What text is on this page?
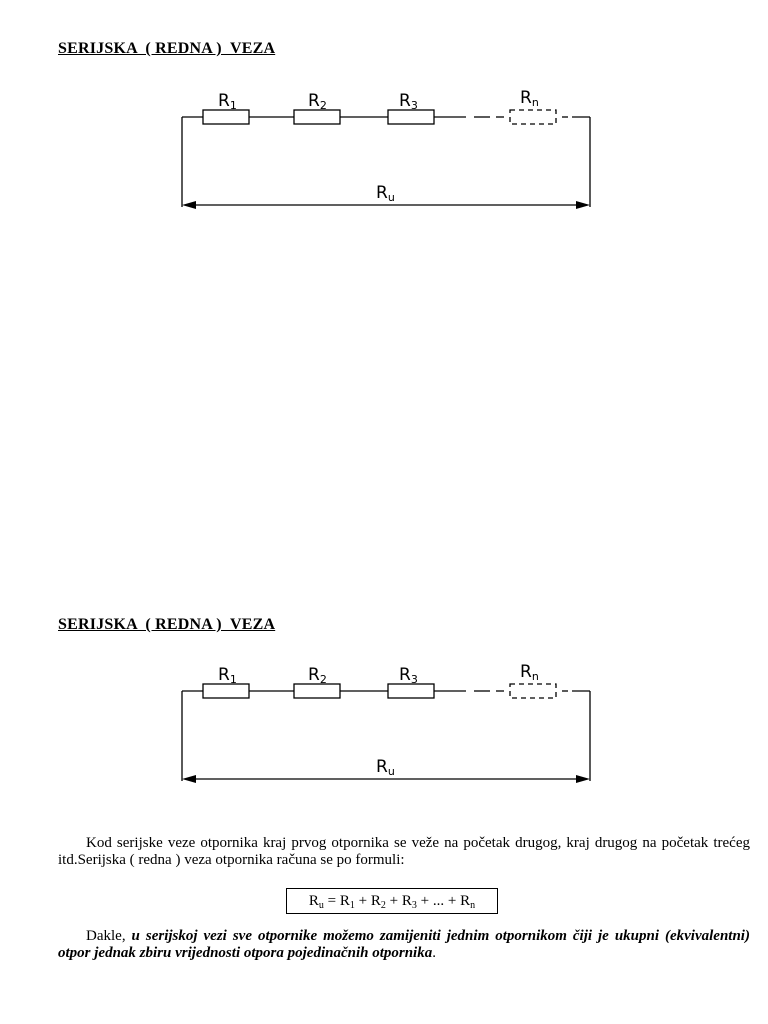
SERIJSKA  ( REDNA )  VEZA
R1	R2	R3	Rn
Ru
SERIJSKA  ( REDNA )  VEZA
R1	R2	R3	Rn
Ru

Kod serijske veze otpornika kraj prvog otpornika se veže na početak drugog, kraj drugog na početak trećeg itd.Serijska ( redna ) veza otpornika računa se po formuli:

$R_u = R_1 + R_2 + R_3$ + ... + $R_n$

Dakle, u serijskoj vezi sve otpornike možemo zamijeniti jednim otpornikom čiji je ukupni (ekvivalentni) otpor jednak zbiru vrijednosti otpora pojedinačnih otpornika.
